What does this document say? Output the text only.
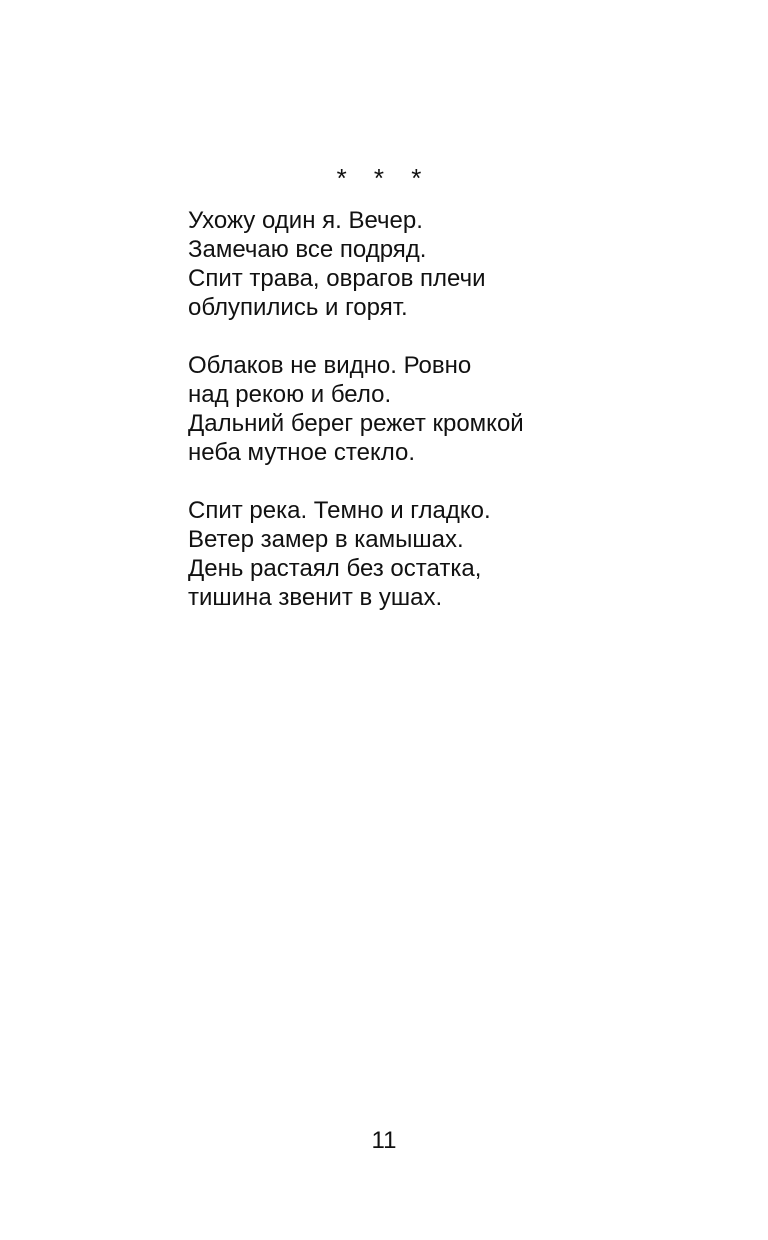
* * *
Ухожу один я. Вечер.
Замечаю все подряд.
Спит трава, оврагов плечи
облупились и горят.
Облаков не видно. Ровно
над рекою и бело.
Дальний берег режет кромкой
неба мутное стекло.
Спит река. Темно и гладко.
Ветер замер в камышах.
День растаял без остатка,
тишина звенит в ушах.
11
